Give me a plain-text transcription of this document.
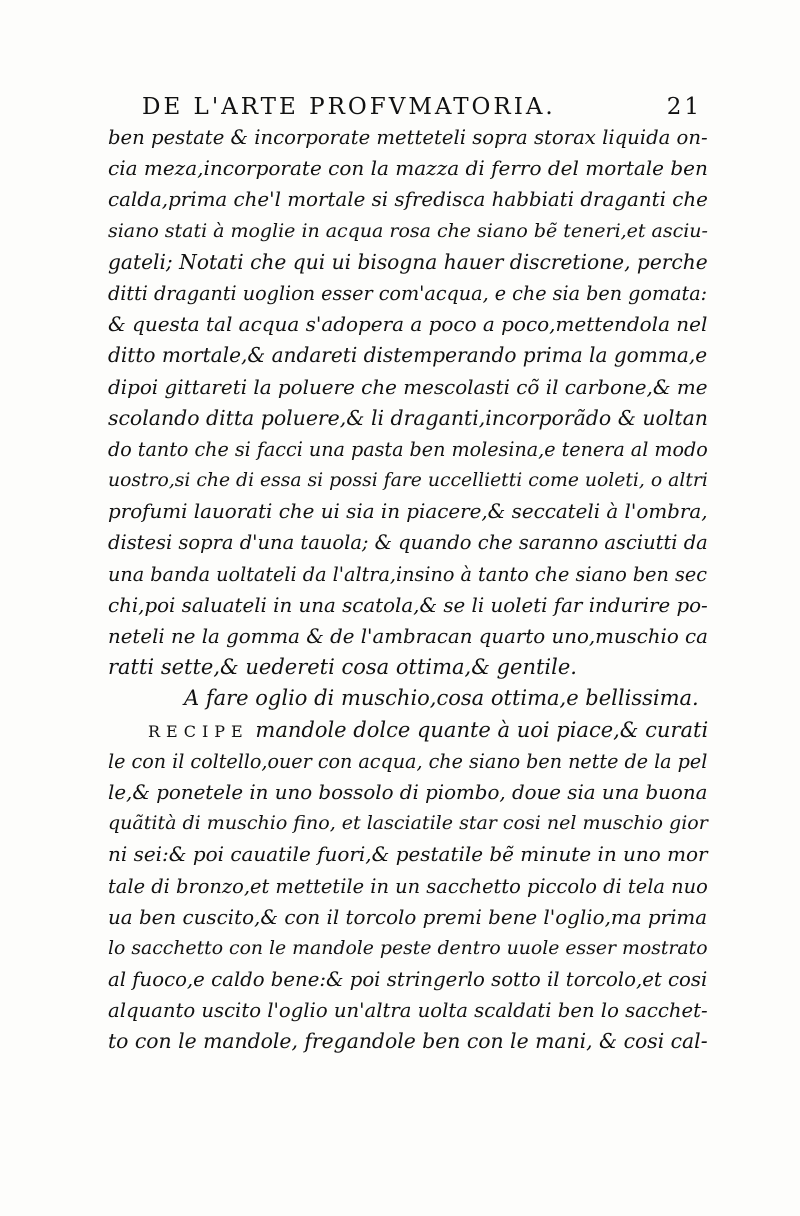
DE L'ARTE PROFVMATORIA.	21
ben pestate & incorporate metteteli sopra storax liquida on-
cia meza,incorporate con la mazza di ferro del mortale ben
calda,prima che'l mortale si sfredisca habbiati draganti che
siano stati à moglie in acqua rosa che siano bẽ teneri,et asciu-
gateli; Notati che qui ui bisogna hauer discretione, perche
ditti draganti uoglion esser com'acqua, e che sia ben gomata:
& questa tal acqua s'adopera a poco a poco,mettendola nel
ditto mortale,& andareti distemperando prima la gomma,e
dipoi gittareti la poluere che mescolasti cõ il carbone,& me
scolando ditta poluere,& li draganti,incorporãdo & uoltan
do tanto che si facci una pasta ben molesina,e tenera al modo
uostro,si che di essa si possi fare uccellietti come uoleti, o altri
profumi lauorati che ui sia in piacere,& seccateli à l'ombra,
distesi sopra d'una tauola; & quando che saranno asciutti da
una banda uoltateli da l'altra,insino à tanto che siano ben sec
chi,poi saluateli in una scatola,& se li uoleti far indurire po-
neteli ne la gomma & de l'ambracan quarto uno,muschio ca
ratti sette,& uedereti cosa ottima,& gentile.
A fare oglio di muschio,cosa ottima,e bellissima.
RECIPE mandole dolce quante à uoi piace,& curati
le con il coltello,ouer con acqua, che siano ben nette de la pel
le,& ponetele in uno bossolo di piombo, doue sia una buona
quãtità di muschio fino, et lasciatile star cosi nel muschio gior
ni sei:& poi cauatile fuori,& pestatile bẽ minute in uno mor
tale di bronzo,et mettetile in un sacchetto piccolo di tela nuo
ua ben cuscito,& con il torcolo premi bene l'oglio,ma prima
lo sacchetto con le mandole peste dentro uuole esser mostrato
al fuoco,e caldo bene:& poi stringerlo sotto il torcolo,et cosi
alquanto uscito l'oglio un'altra uolta scaldati ben lo sacchet-
to con le mandole, fregandole ben con le mani, & cosi cal-
